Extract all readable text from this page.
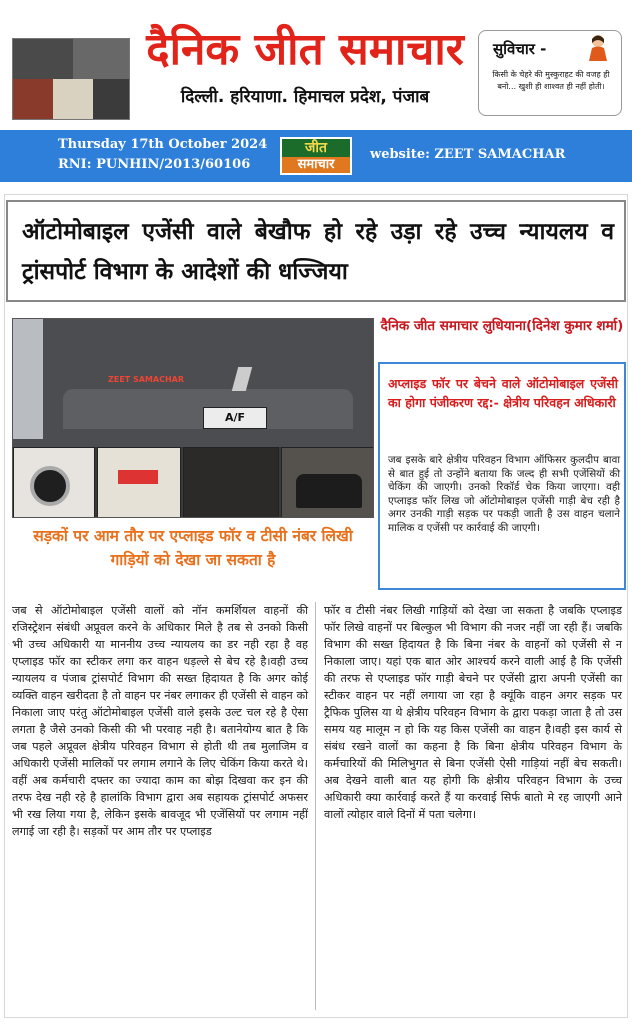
दैनिक जीत समाचार
दिल्ली. हरियाणा. हिमाचल प्रदेश, पंजाब
सुविचार -
किसी के चेहरे की मुस्कुराहट की वजह ही बनो... खुशी ही शाश्वत ही नहीं होती।
Thursday 17th October 2024
RNI: PUNHIN/2013/60106
जीत
समाचार
website: ZEET SAMACHAR
ऑटोमोबाइल एजेंसी वाले बेखौफ हो रहे उड़ा रहे उच्च न्यायलय व ट्रांसपोर्ट विभाग के आदेशों की धज्जिया
ZEET SAMACHAR
A/F
सड़कों पर आम तौर पर एप्लाइड फॉर व टीसी नंबर लिखी गाड़ियों को देखा जा सकता है
दैनिक जीत समाचार लुधियाना(दिनेश कुमार शर्मा)
अप्लाइड फॉर पर बेचने वाले ऑटोमोबाइल एजेंसी का होगा पंजीकरण रद्द:- क्षेत्रीय परिवहन अधिकारी
जब इसके बारे क्षेत्रीय परिवहन विभाग ऑफिसर कुलदीप बावा से बात हुई तो उन्होंने बताया कि जल्द ही सभी एजेंसियों की चेकिंग की जाएगी। उनको रिकॉर्ड चेक किया जाएगा। वही एप्लाइड फॉर लिख जो ऑटोमोबाइल एजेंसी गाड़ी बेच रही है अगर उनकी गाड़ी सड़क पर पकड़ी जाती है उस वाहन चलाने मालिक व एजेंसी पर कार्रवाई की जाएगी।
जब से ऑटोमोबाइल एजेंसी वालों को नॉन कमर्शियल वाहनों की रजिस्ट्रेशन संबंधी अप्रूवल करने के अधिकार मिले है तब से उनको किसी भी उच्च अधिकारी या माननीय उच्च न्यायलय का डर नही रहा है वह एप्लाइड फॉर का स्टीकर लगा कर वाहन धड़ल्ले से बेच रहे है।वही उच्च न्यायलय व पंजाब ट्रांसपोर्ट विभाग की सख्त हिदायत है कि अगर कोई व्यक्ति वाहन खरीदता है तो वाहन पर नंबर लगाकर ही एजेंसी से वाहन को निकाला जाए परंतु ऑटोमोबाइल एजेंसी वाले इसके उल्ट चल रहे है ऐसा लगता है जैसे उनको किसी की भी परवाह नही है। बतानेयोग्य बात है कि जब पहले अप्रूवल क्षेत्रीय परिवहन विभाग से होती थी तब मुलाजिम व अधिकारी एजेंसी मालिकों पर लगाम लगाने के लिए चेकिंग किया करते थे। वहीं अब कर्मचारी दफ्तर का ज्यादा काम का बोझ दिखवा कर इन की तरफ देख नही रहे है हालांकि विभाग द्वारा अब सहायक ट्रांसपोर्ट अफसर भी रख लिया गया है, लेकिन इसके बावजूद भी एजेंसियों पर लगाम नहीं लगाई जा रही है। सड़कों पर आम तौर पर एप्लाइड
फॉर व टीसी नंबर लिखी गाड़ियों को देखा जा सकता है जबकि एप्लाइड फॉर लिखे वाहनों पर बिल्कुल भी विभाग की नजर नहीं जा रही हैं। जबकि विभाग की सख्त हिदायत है कि बिना नंबर के वाहनों को एजेंसी से न निकाला जाए। यहां एक बात ओर आश्चर्य करने वाली आई है कि एजेंसी की तरफ से एप्लाइड फॉर गाड़ी बेचने पर एजेंसी द्वारा अपनी एजेंसी का स्टीकर वाहन पर नहीं लगाया जा रहा है क्यूंकि वाहन अगर सड़क पर ट्रैफिक पुलिस या थे क्षेत्रीय परिवहन विभाग के द्वारा पकड़ा जाता है तो उस समय यह मालूम न हो कि यह किस एजेंसी का वाहन है।वही इस कार्य से संबंध रखने वालों का कहना है कि बिना क्षेत्रीय परिवहन विभाग के कर्मचारियों की मिलिभुगत से बिना एजेंसी ऐसी गाड़ियां नहीं बेच सकती। अब देखने वाली बात यह होगी कि क्षेत्रीय परिवहन विभाग के उच्च अधिकारी क्या कार्रवाई करते हैं या करवाई सिर्फ बातो मे रह जाएगी आने वालों त्योहार वाले दिनों में पता चलेगा।
